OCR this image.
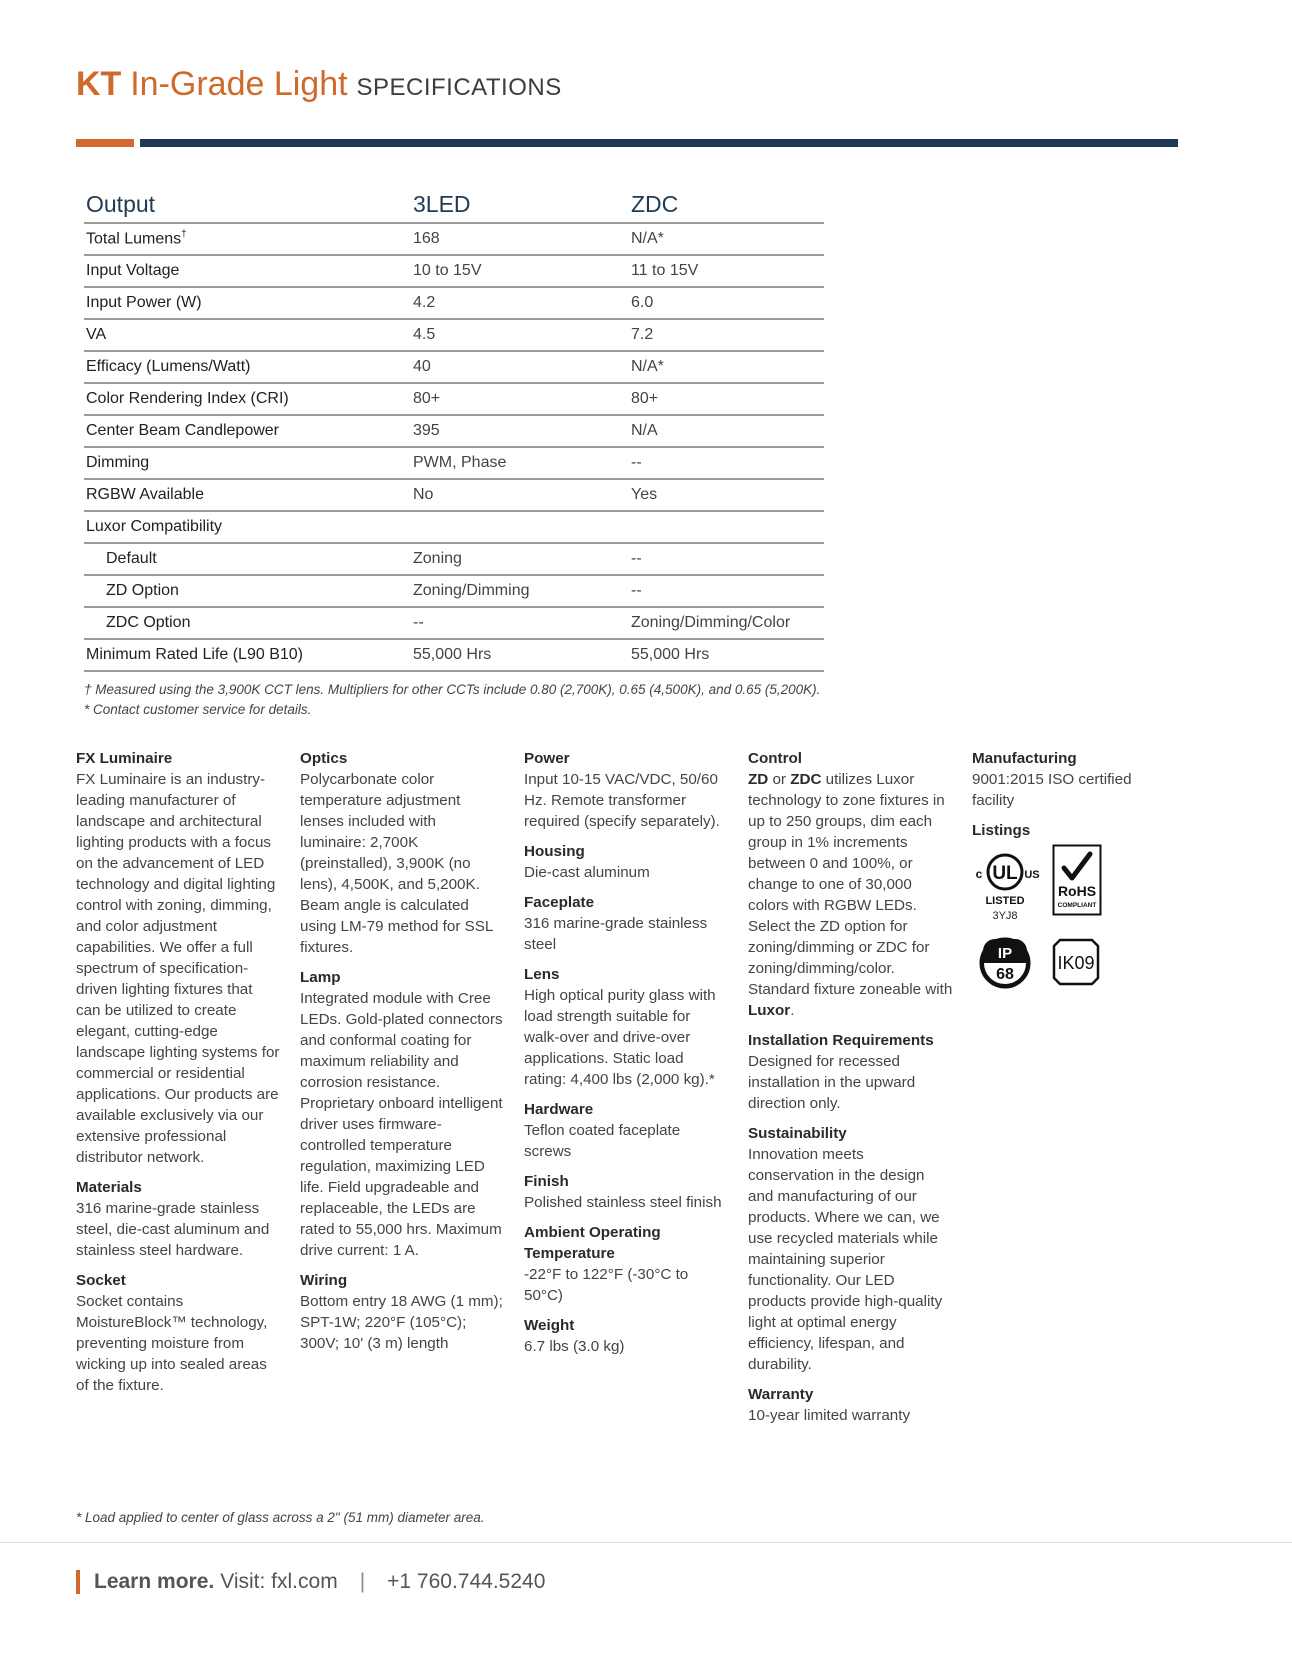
KT In-Grade Light SPECIFICATIONS
Output	3LED	ZDC
Total Lumens†	168	N/A*
Input Voltage	10 to 15V	11 to 15V
Input Power (W)	4.2	6.0
VA	4.5	7.2
Efficacy (Lumens/Watt)	40	N/A*
Color Rendering Index (CRI)	80+	80+
Center Beam Candlepower	395	N/A
Dimming	PWM, Phase	--
RGBW Available	No	Yes
Luxor Compatibility		
Default	Zoning	--
ZD Option	Zoning/Dimming	--
ZDC Option	--	Zoning/Dimming/Color
Minimum Rated Life (L90 B10)	55,000 Hrs	55,000 Hrs
† Measured using the 3,900K CCT lens. Multipliers for other CCTs include 0.80 (2,700K), 0.65 (4,500K), and 0.65 (5,200K).
* Contact customer service for details.
FX Luminaire

FX Luminaire is an industry-leading manufacturer of landscape and architectural lighting products with a focus on the advancement of LED technology and digital lighting control with zoning, dimming, and color adjustment capabilities. We offer a full spectrum of specification-driven lighting fixtures that can be utilized to create elegant, cutting-edge landscape lighting systems for commercial or residential applications. Our products are available exclusively via our extensive professional distributor network.

Materials

316 marine-grade stainless steel, die-cast aluminum and stainless steel hardware.

Socket

Socket contains MoistureBlock™ technology, preventing moisture from wicking up into sealed areas of the fixture.

Optics

Polycarbonate color temperature adjustment lenses included with luminaire: 2,700K (preinstalled), 3,900K (no lens), 4,500K, and 5,200K. Beam angle is calculated using LM-79 method for SSL fixtures.

Lamp

Integrated module with Cree LEDs. Gold-plated connectors and conformal coating for maximum reliability and corrosion resistance. Proprietary onboard intelligent driver uses firmware-controlled temperature regulation, maximizing LED life. Field upgradeable and replaceable, the LEDs are rated to 55,000 hrs. Maximum drive current: 1 A.

Wiring

Bottom entry 18 AWG (1 mm); SPT-1W; 220°F (105°C); 300V; 10' (3 m) length

Power

Input 10-15 VAC/VDC, 50/60 Hz. Remote transformer required (specify separately).

Housing

Die-cast aluminum

Faceplate

316 marine-grade stainless steel

Lens

High optical purity glass with load strength suitable for walk-over and drive-over applications. Static load rating: 4,400 lbs (2,000 kg).*

Hardware

Teflon coated faceplate screws

Finish

Polished stainless steel finish

Ambient Operating Temperature

-22°F to 122°F (-30°C to 50°C)

Weight

6.7 lbs (3.0 kg)

Control

ZD or ZDC utilizes Luxor technology to zone fixtures in up to 250 groups, dim each group in 1% increments between 0 and 100%, or change to one of 30,000 colors with RGBW LEDs. Select the ZD option for zoning/dimming or ZDC for zoning/dimming/color. Standard fixture zoneable with Luxor.

Installation Requirements

Designed for recessed installation in the upward direction only.

Sustainability

Innovation meets conservation in the design and manufacturing of our products. Where we can, we use recycled materials while maintaining superior functionality. Our LED products provide high-quality light at optimal energy efficiency, lifespan, and durability.

Warranty

10-year limited warranty

Manufacturing

9001:2015 ISO certified facility

Listings
UL
c	US
LISTED
3YJ8
RoHS
COMPLIANT
IP
68
IK09
* Load applied to center of glass across a 2" (51 mm) diameter area.
Learn more. Visit: fxl.com | +1 760.744.5240
